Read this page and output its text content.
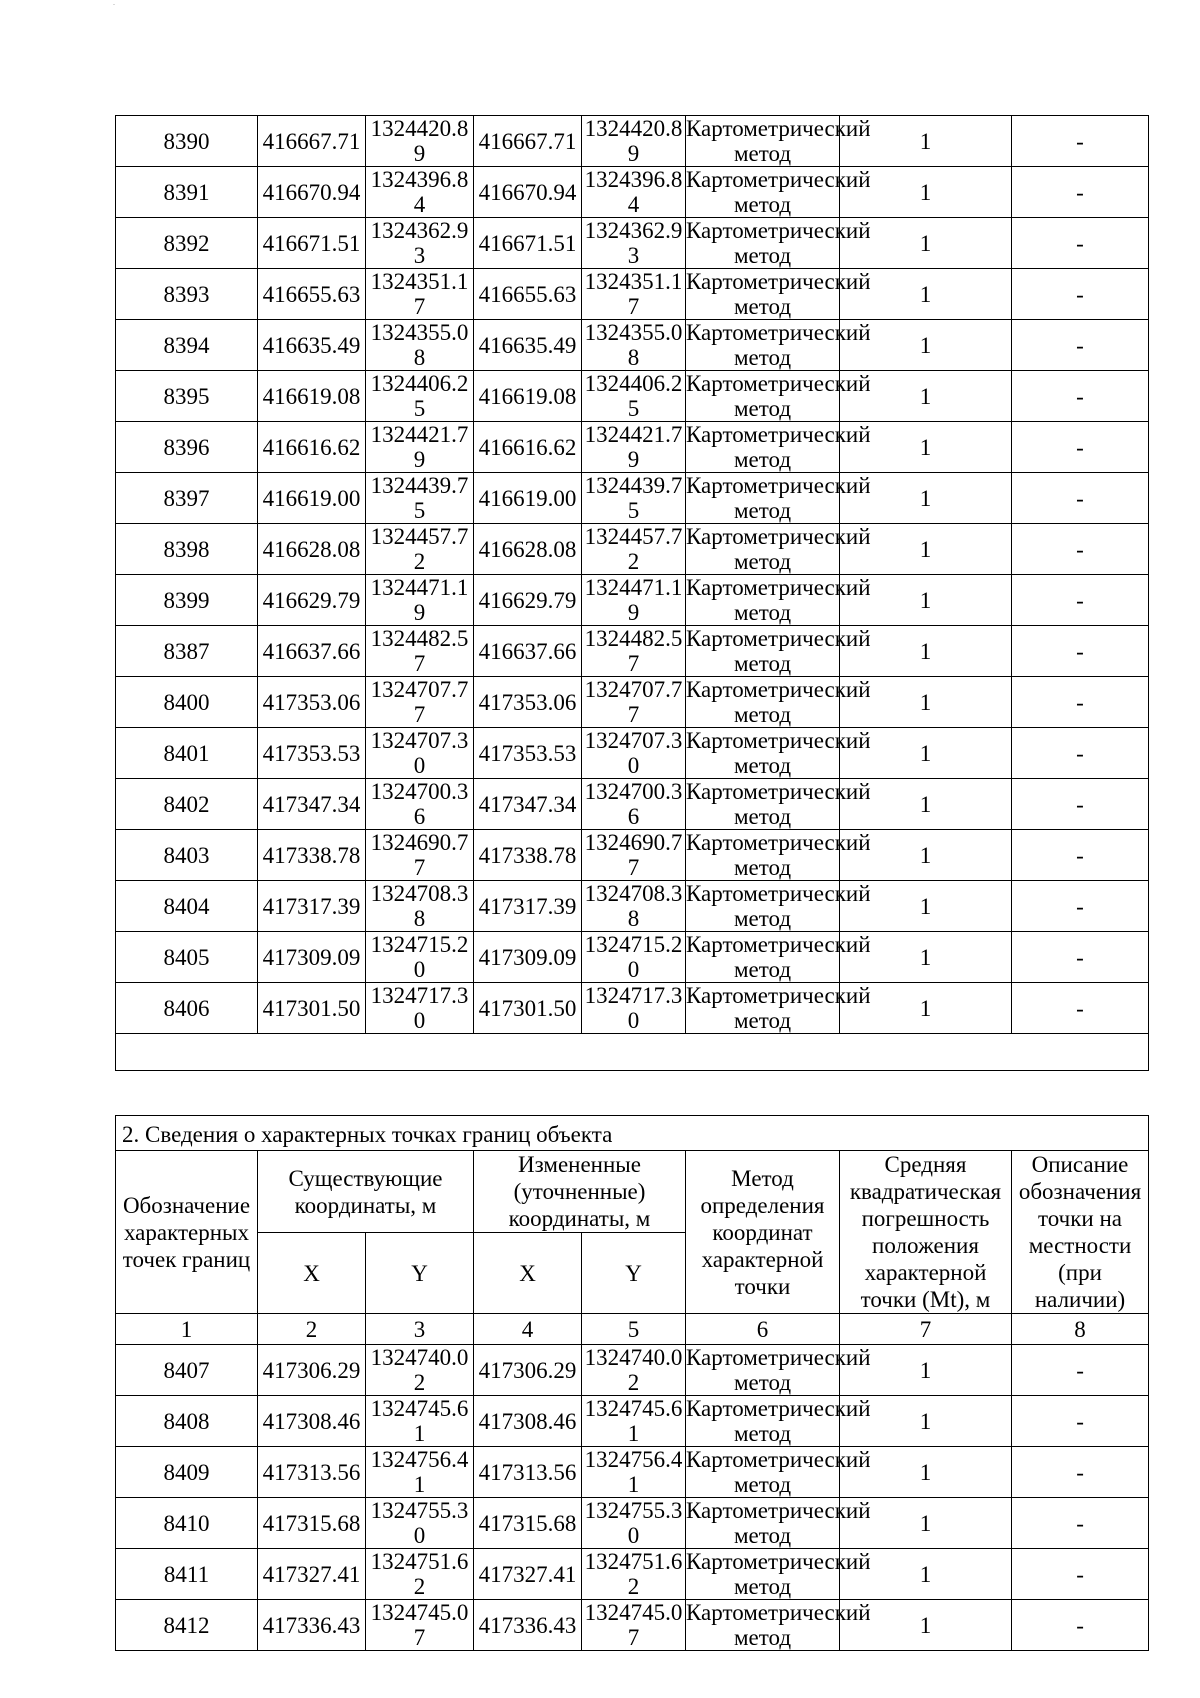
-
8390	416667.71	1324420.89	416667.71	1324420.89	Картометрический метод	1	-
8391	416670.94	1324396.84	416670.94	1324396.84	Картометрический метод	1	-
8392	416671.51	1324362.93	416671.51	1324362.93	Картометрический метод	1	-
8393	416655.63	1324351.17	416655.63	1324351.17	Картометрический метод	1	-
8394	416635.49	1324355.08	416635.49	1324355.08	Картометрический метод	1	-
8395	416619.08	1324406.25	416619.08	1324406.25	Картометрический метод	1	-
8396	416616.62	1324421.79	416616.62	1324421.79	Картометрический метод	1	-
8397	416619.00	1324439.75	416619.00	1324439.75	Картометрический метод	1	-
8398	416628.08	1324457.72	416628.08	1324457.72	Картометрический метод	1	-
8399	416629.79	1324471.19	416629.79	1324471.19	Картометрический метод	1	-
8387	416637.66	1324482.57	416637.66	1324482.57	Картометрический метод	1	-
8400	417353.06	1324707.77	417353.06	1324707.77	Картометрический метод	1	-
8401	417353.53	1324707.30	417353.53	1324707.30	Картометрический метод	1	-
8402	417347.34	1324700.36	417347.34	1324700.36	Картометрический метод	1	-
8403	417338.78	1324690.77	417338.78	1324690.77	Картометрический метод	1	-
8404	417317.39	1324708.38	417317.39	1324708.38	Картометрический метод	1	-
8405	417309.09	1324715.20	417309.09	1324715.20	Картометрический метод	1	-
8406	417301.50	1324717.30	417301.50	1324717.30	Картометрический метод	1	-

2. Сведения о характерных точках границ объекта							
Обозначение характерных точек границ	Существующие координаты, м		Измененные (уточненные) координаты, м		Метод определения координат характерной точки	Средняя квадратическая погрешность положения характерной точки (Mt), м	Описание обозначения точки на местности (при наличии)
	X	Y	X	Y			
1	2	3	4	5	6	7	8
8407	417306.29	1324740.02	417306.29	1324740.02	Картометрический метод	1	-
8408	417308.46	1324745.61	417308.46	1324745.61	Картометрический метод	1	-
8409	417313.56	1324756.41	417313.56	1324756.41	Картометрический метод	1	-
8410	417315.68	1324755.30	417315.68	1324755.30	Картометрический метод	1	-
8411	417327.41	1324751.62	417327.41	1324751.62	Картометрический метод	1	-
8412	417336.43	1324745.07	417336.43	1324745.07	Картометрический метод	1	-
